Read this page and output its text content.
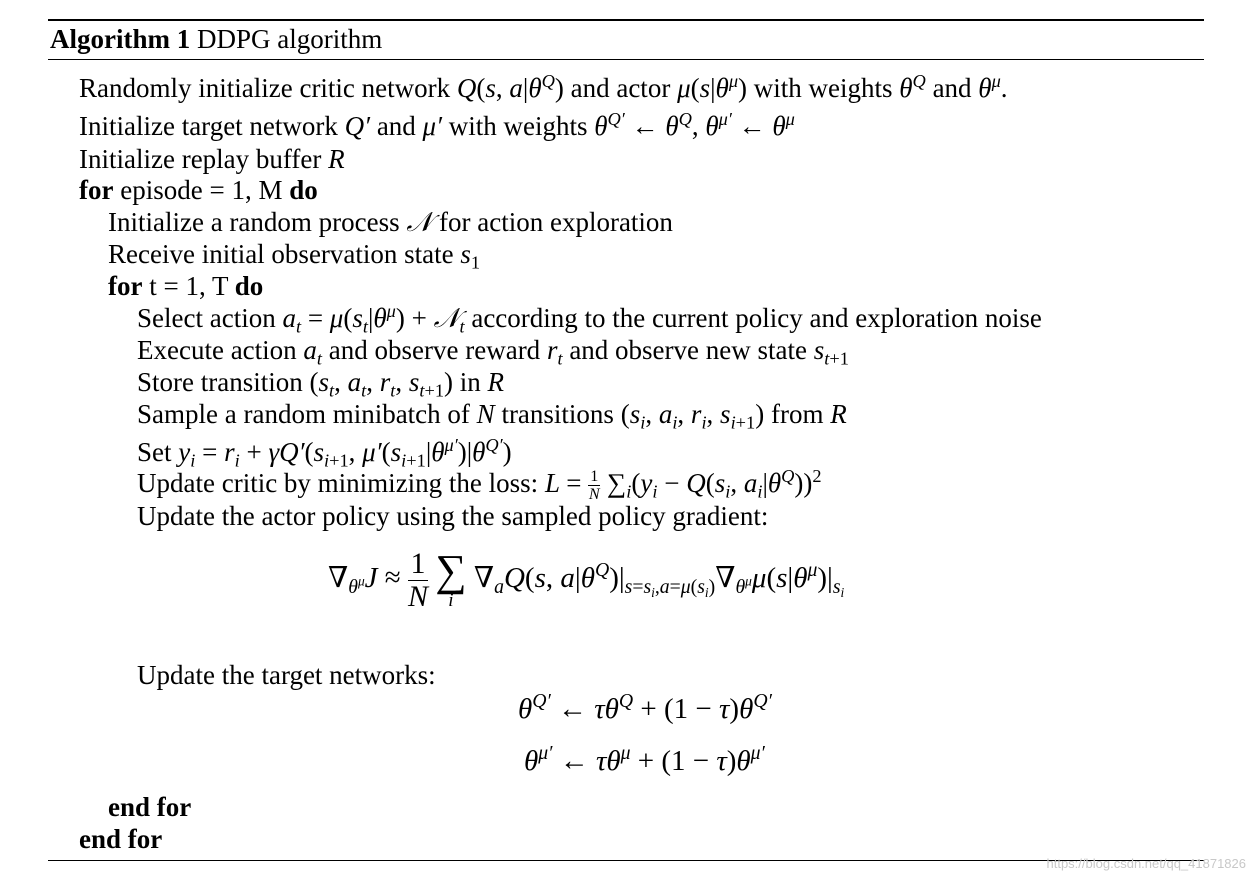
Algorithm 1 DDPG algorithm
Randomly initialize critic network Q(s, $a|\theta^Q$) and actor $\mu(s|\theta^\mu)$ with weights $\theta^Q$ and $\theta^\mu$.
Initialize target network Q′ and μ′ with weights $\theta^{Q'}$ ← $\theta^Q$, $\theta^{\mu'}$ ← $\theta^\mu$
Initialize replay buffer R
for episode = 1, M do
Initialize a random process 𝒩 for action exploration
Receive initial observation state $s_1$
for t = 1, T do
Select action $a_t = \mu(s_t|\theta^\mu)$ + 𝒩$_t$ according to the current policy and exploration noise
Execute action $a_t$ and observe reward $r_t$ and observe new state $s_{t+1}$
Store transition ($s_t$, $a_t$, $r_t$, $s_{t+1}$) in R
Sample a random minibatch of N transitions ($s_i$, $a_i$, $r_i$, $s_{i+1}$) from R
Set $y_i = r_i + \gamma Q'(s_{i+1}$, $\mu'(s_{i+1}|\theta^{\mu'})|\theta^{Q'}$)
Update critic by minimizing the loss: $L = \frac{1}{N} \sum_i(y_i - Q(s_i$, $a_i|\theta^Q))^2$
Update the actor policy using the sampled policy gradient:
$\nabla_{\theta^\mu}J \approx \frac{1}{N}$
∑
i
$\nabla_aQ(s$, $a|\theta^Q)|_{s=s_i,a=\mu(s_i)}\nabla_{\theta^\mu}\mu(s|\theta^\mu)|_{s_i}$
Update the target networks:
$\theta^{Q'}$ ← $\tau\theta^Q + (1 - \tau)\theta^{Q'}$
$\theta^{\mu'}$ ← $\tau\theta^\mu + (1 - \tau)\theta^{\mu'}$
end for
end for
https://blog.csdn.net/qq_41871826
